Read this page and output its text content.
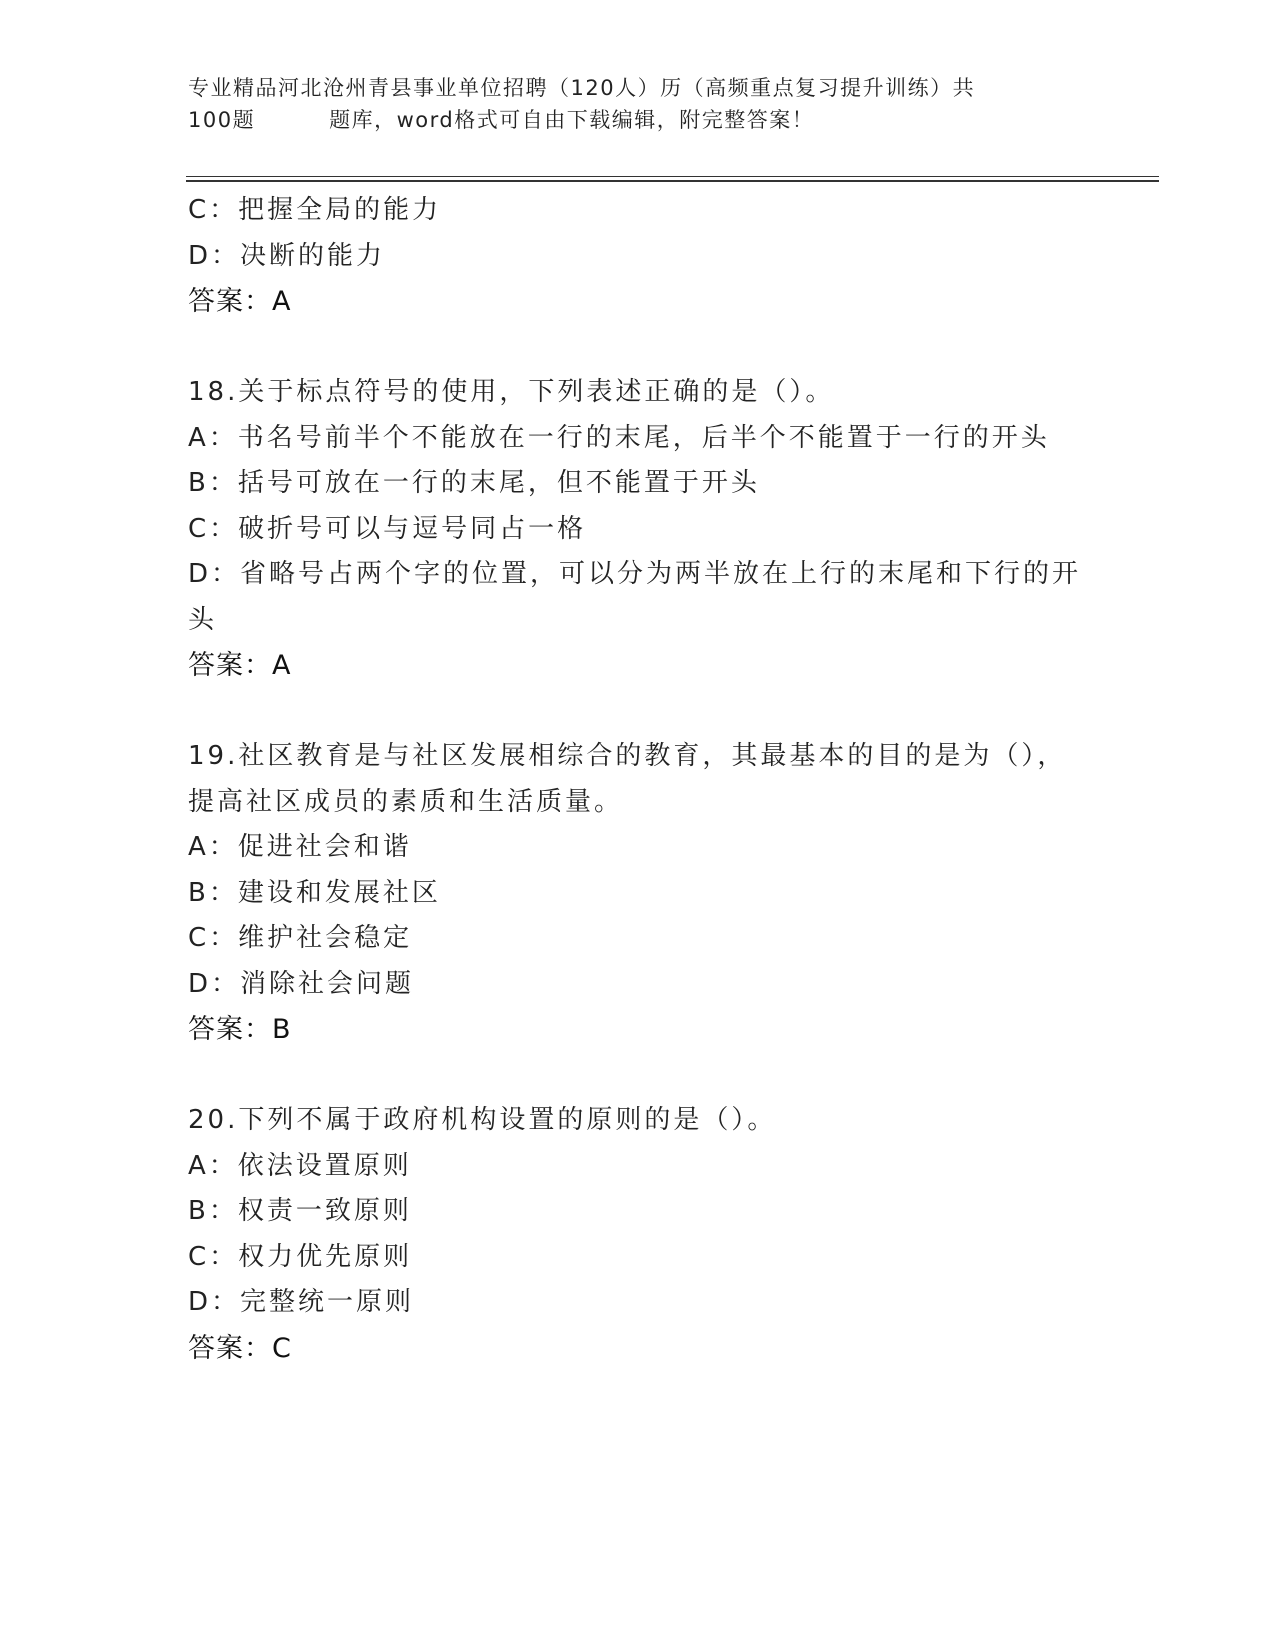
专业精品河北沧州青县事业单位招聘（120人）历（高频重点复习提升训练）共
100题	题库，word格式可自由下载编辑，附完整答案！
C：把握全局的能力
D：决断的能力
答案：A
18.关于标点符号的使用，下列表述正确的是（）。
A：书名号前半个不能放在一行的末尾，后半个不能置于一行的开头
B：括号可放在一行的末尾，但不能置于开头
C：破折号可以与逗号同占一格
D：省略号占两个字的位置，可以分为两半放在上行的末尾和下行的开
头
答案：A
19.社区教育是与社区发展相综合的教育，其最基本的目的是为（），
提高社区成员的素质和生活质量。
A：促进社会和谐
B：建设和发展社区
C：维护社会稳定
D：消除社会问题
答案：B
20.下列不属于政府机构设置的原则的是（）。
A：依法设置原则
B：权责一致原则
C：权力优先原则
D：完整统一原则
答案：C
